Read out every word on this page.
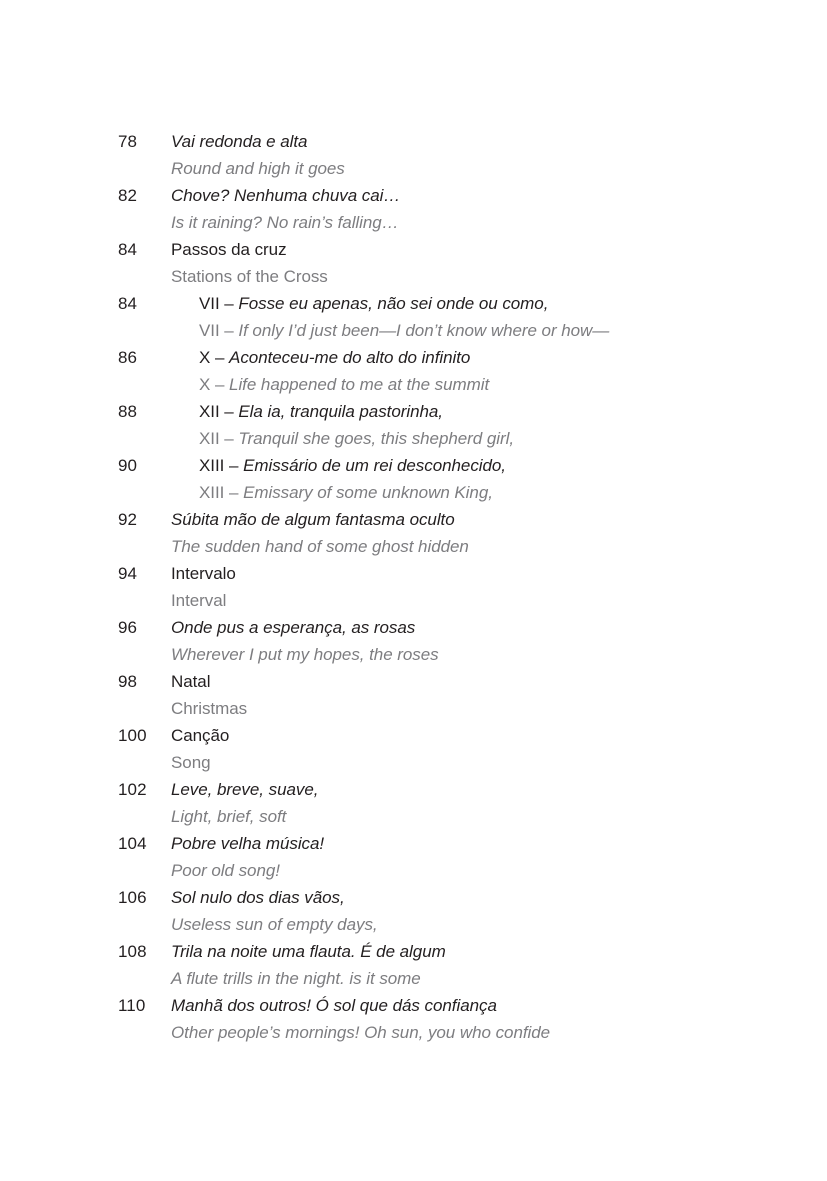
78	Vai redonda e alta
Round and high it goes
82	Chove? Nenhuma chuva cai…
Is it raining? No rain’s falling…
84	Passos da cruz
Stations of the Cross
84	VII – Fosse eu apenas, não sei onde ou como,
VII – If only I’d just been—I don’t know where or how—
86	X – Aconteceu-me do alto do infinito
X – Life happened to me at the summit
88	XII – Ela ia, tranquila pastorinha,
XII – Tranquil she goes, this shepherd girl,
90	XIII – Emissário de um rei desconhecido,
XIII – Emissary of some unknown King,
92	Súbita mão de algum fantasma oculto
The sudden hand of some ghost hidden
94	Intervalo
Interval
96	Onde pus a esperança, as rosas
Wherever I put my hopes, the roses
98	Natal
Christmas
100	Canção
Song
102	Leve, breve, suave,
Light, brief, soft
104	Pobre velha música!
Poor old song!
106	Sol nulo dos dias vãos,
Useless sun of empty days,
108	Trila na noite uma flauta. É de algum
A flute trills in the night. is it some
110	Manhã dos outros! Ó sol que dás confiança
Other people’s mornings! Oh sun, you who confide
